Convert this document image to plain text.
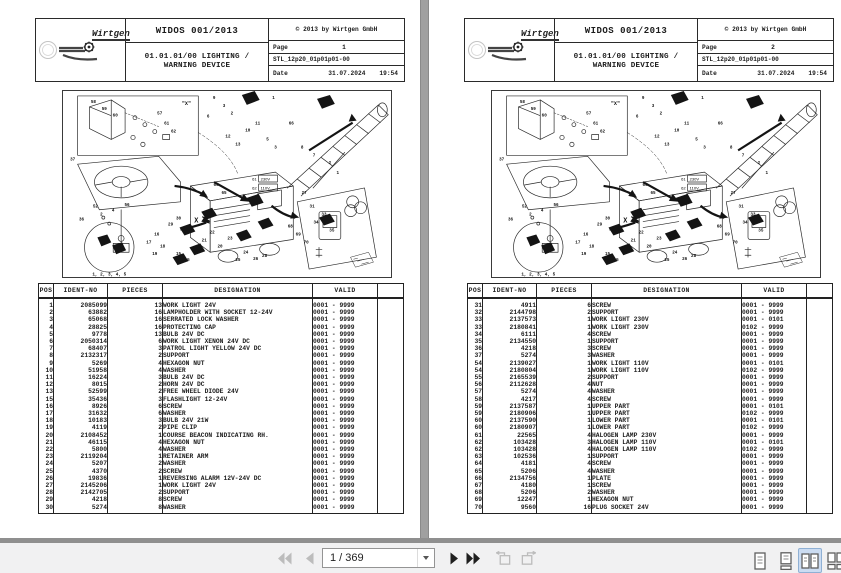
Wirtgen	WIDOS 001/2013
01.01.01/00 LIGHTING /
WARNING DEVICE
© 2013 by Wirtgen GmbH
Page	1
STL_12p20_01p01p01-00
Date	31.07.2024 19:54
58
59
60	57
61
62
9
3
2
1
66
6
13
12
10
11
5
3	8
7
2
1
27
31
33
34
35
37
52
36
2
4
56
64
65
20
23
24
26
22
21
25
28
29
30
15
5
16
17
18
19
68
69
70
"X"
1, 2, 3, 4, 5
X
61 230V
62 110V
POS	IDENT-NO	PIECES	DESIGNATION	VALID	
1	2085099	13	WORK LIGHT 24V	0001 - 9999	
2	63882	16	LAMPHOLDER WITH SOCKET 12-24V	0001 - 9999	
3	65068	16	SERRATED LOCK WASHER	0001 - 9999	
4	28825	16	PROTECTING CAP	0001 - 9999	
5	9778	13	BULB 24V DC	0001 - 9999	
6	2050314	6	WORK LIGHT XENON 24V DC	0001 - 9999	
7	68407	3	PATROL LIGHT YELLOW 24V DC	0001 - 9999	
8	2132317	2	SUPPORT	0001 - 9999	
9	5269	4	HEXAGON NUT	0001 - 9999	
10	51958	4	WASHER	0001 - 9999	
11	16224	3	BULB 24V DC	0001 - 9999	
12	8015	2	HORN 24V DC	0001 - 9999	
13	52599	2	FREE WHEEL DIODE 24V	0001 - 9999	
15	35436	3	FLASHLIGHT 12-24V	0001 - 9999	
16	8926	6	SCREW	0001 - 9999	
17	31632	6	WASHER	0001 - 9999	
18	10183	3	BULB 24V 21W	0001 - 9999	
19	4119	2	PIPE CLIP	0001 - 9999	
20	2108452	1	COURSE BEACON INDICATING RH.	0001 - 9999	
21	46115	4	HEXAGON NUT	0001 - 9999	
22	5800	4	WASHER	0001 - 9999	
23	2119204	1	RETAINER ARM	0001 - 9999	
24	5207	2	WASHER	0001 - 9999	
25	4370	2	SCREW	0001 - 9999	
26	19836	1	REVERSING ALARM 12V-24V DC	0001 - 9999	
27	2145206	1	WORK LIGHT 24V	0001 - 9999	
28	2142705	2	SUPPORT	0001 - 9999	
29	4218	8	SCREW	0001 - 9999	
30	5274	8	WASHER	0001 - 9999	
Wirtgen	WIDOS 001/2013
01.01.01/00 LIGHTING /
WARNING DEVICE
© 2013 by Wirtgen GmbH
Page	2
STL_12p20_01p01p01-00
Date	31.07.2024 19:54
58
59
60	57
61
62
9
3
2
1
66
6
13
12
10
11
5
3	8
7
2
1
27
31
33
34
35
37
52
36
2
4
56
64
65
20
23
24
26
22
21
25
28
29
30
15
5
16
17
18
19
68
69
70
"X"
1, 2, 3, 4, 5
X
61 230V
62 110V
POS	IDENT-NO	PIECES	DESIGNATION	VALID	
31	4911	6	SCREW	0001 - 9999	
32	2144798	2	SUPPORT	0001 - 9999	
33	2137573	1	WORK LIGHT 230V	0001 - 0101	
33	2180841	1	WORK LIGHT 230V	0102 - 9999	
34	6111	4	SCREW	0001 - 9999	
35	2134550	1	SUPPORT	0001 - 9999	
36	4218	3	SCREW	0001 - 9999	
37	5274	3	WASHER	0001 - 9999	
54	2139027	1	WORK LIGHT 110V	0001 - 0101	
54	2180804	1	WORK LIGHT 110V	0102 - 9999	
55	2165539	2	SUPPORT	0001 - 9999	
56	2112628	4	NUT	0001 - 9999	
57	5274	4	WASHER	0001 - 9999	
58	4217	4	SCREW	0001 - 9999	
59	2137587	1	UPPER PART	0001 - 0101	
59	2180906	1	UPPER PART	0102 - 9999	
60	2137590	1	LOWER PART	0001 - 0101	
60	2180907	1	LOWER PART	0102 - 9999	
61	22565	4	HALOGEN LAMP 230V	0001 - 9999	
62	103428	3	HALOGEN LAMP 110V	0001 - 0101	
62	103428	4	HALOGEN LAMP 110V	0102 - 9999	
63	102536	1	SUPPORT	0001 - 9999	
64	4181	4	SCREW	0001 - 9999	
65	5206	4	WASHER	0001 - 9999	
66	2134756	1	PLATE	0001 - 9999	
67	4180	1	SCREW	0001 - 9999	
68	5206	2	WASHER	0001 - 9999	
69	12247	1	HEXAGON NUT	0001 - 9999	
70	9560	16	PLUG SOCKET 24V	0001 - 9999	
1 / 369
